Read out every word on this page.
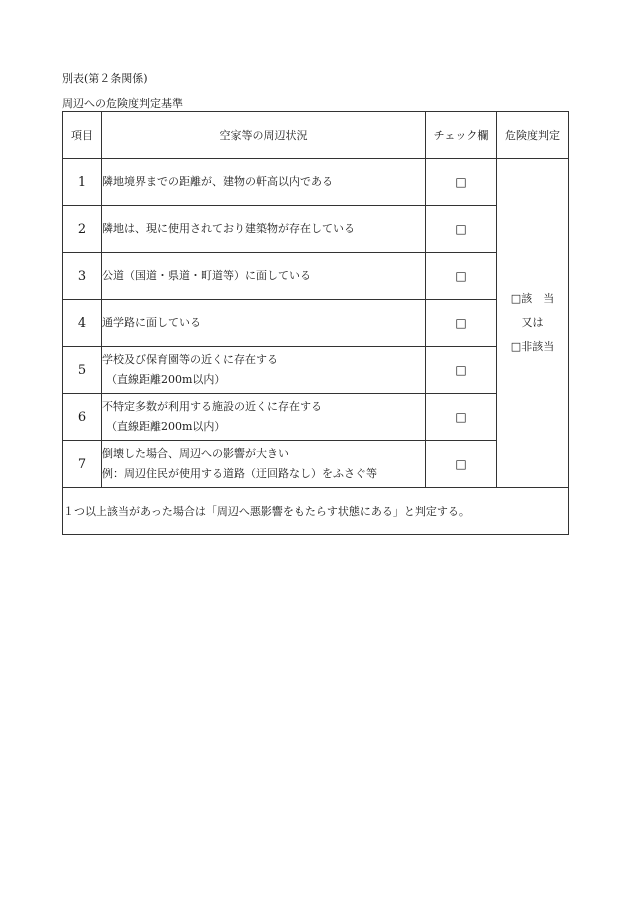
別表(第２条関係)
周辺への危険度判定基準
項目	空家等の周辺状況	チェック欄	危険度判定
1	隣地境界までの距離が、建物の軒高以内である	□	□該　当
又は
□非該当

2	隣地は、現に使用されており建築物が存在している	□	
3	公道（国道・県道・町道等）に面している	□	
4	通学路に面している	□	
5	学校及び保育園等の近くに存在する
（直線距離200m以内）	□	
6	不特定多数が利用する施設の近くに存在する
（直線距離200m以内）	□	
7	倒壊した場合、周辺への影響が大きい
例：周辺住民が使用する道路（迂回路なし）をふさぐ等	□	
１つ以上該当があった場合は「周辺へ悪影響をもたらす状態にある」と判定する。			
